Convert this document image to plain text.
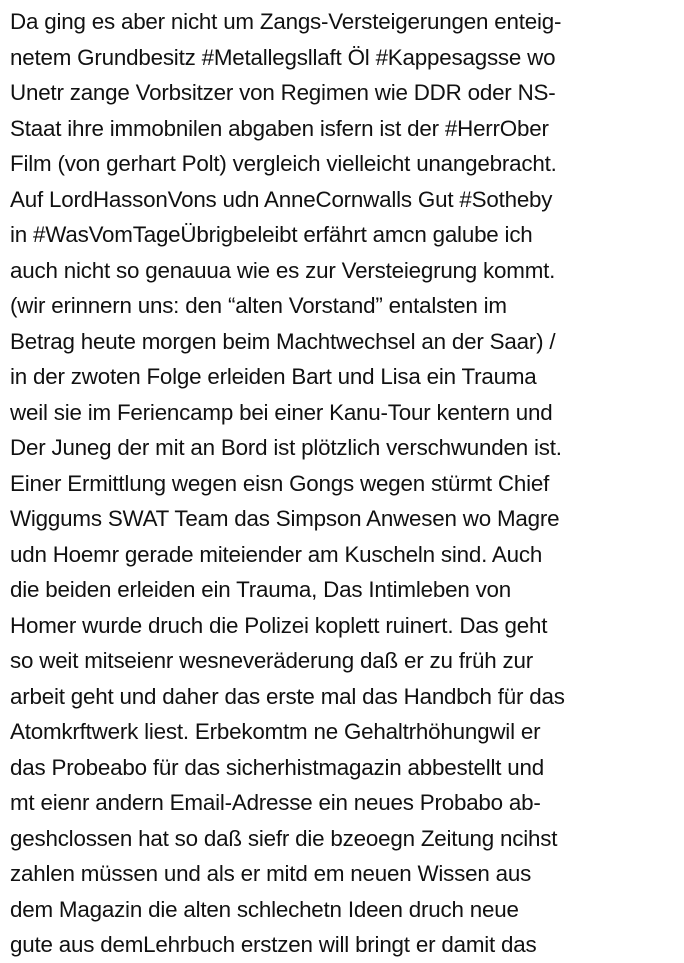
Da ging es aber nicht um Zangs-Versteigerungen enteig-
netem Grundbesitz #Metallegsllaft Öl #Kappesagsse wo
Unetr zange Vorbsitzer von Regimen wie DDR oder NS-
Staat ihre immobnilen abgaben isfern ist der #HerrOber
Film (von gerhart Polt) vergleich vielleicht unangebracht.
Auf LordHassonVons udn AnneCornwalls Gut #Sotheby
in #WasVomTageÜbrigbeleibt erfährt amcn galube ich
auch nicht so genauua wie es zur Versteiegrung kommt.
(wir erinnern uns: den “alten Vorstand” entalsten im
Betrag heute morgen beim Machtwechsel an der Saar) /
in der zwoten Folge erleiden Bart und Lisa ein Trauma
weil sie im Feriencamp bei einer Kanu-Tour kentern und
Der Juneg der mit an Bord ist plötzlich verschwunden ist.
Einer Ermittlung wegen eisn Gongs wegen stürmt Chief
Wiggums SWAT Team das Simpson Anwesen wo Magre
udn Hoemr gerade miteiender am Kuscheln sind. Auch
die beiden erleiden ein Trauma, Das Intimleben von
Homer wurde druch die Polizei koplett ruinert. Das geht
so weit mitseienr wesneveräderung daß er zu früh zur
arbeit geht und daher das erste mal das Handbch für das
Atomkrftwerk liest. Erbekomtm ne Gehaltrhöhungwil er
das Probeabo für das sicherhistmagazin abbestellt und
mt eienr andern Email-Adresse ein neues Probabo ab-
geshclossen hat so daß siefr die bzeoegn Zeitung ncihst
zahlen müssen und als er mitd em neuen Wissen aus
dem Magazin die alten schlechetn Ideen druch neue
gute aus demLehrbuch erstzen will bringt er damit das
